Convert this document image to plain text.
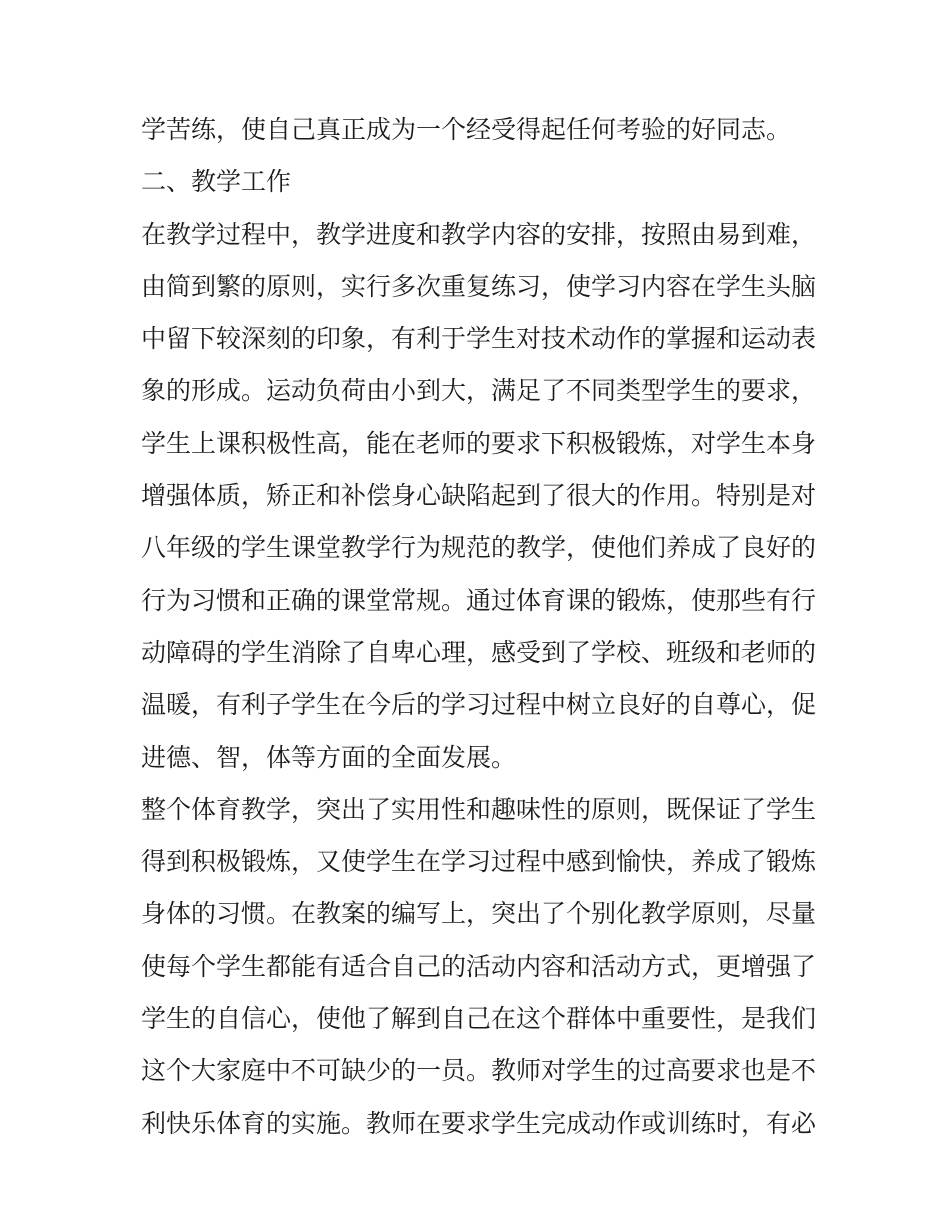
学苦练，使自己真正成为一个经受得起任何考验的好同志。
二、教学工作
在教学过程中，教学进度和教学内容的安排，按照由易到难，
由简到繁的原则，实行多次重复练习，使学习内容在学生头脑
中留下较深刻的印象，有利于学生对技术动作的掌握和运动表
象的形成。运动负荷由小到大，满足了不同类型学生的要求，
学生上课积极性高，能在老师的要求下积极锻炼，对学生本身
增强体质，矫正和补偿身心缺陷起到了很大的作用。特别是对
八年级的学生课堂教学行为规范的教学，使他们养成了良好的
行为习惯和正确的课堂常规。通过体育课的锻炼，使那些有行
动障碍的学生消除了自卑心理，感受到了学校、班级和老师的
温暖，有利子学生在今后的学习过程中树立良好的自尊心，促
进德、智，体等方面的全面发展。
整个体育教学，突出了实用性和趣味性的原则，既保证了学生
得到积极锻炼，又使学生在学习过程中感到愉快，养成了锻炼
身体的习惯。在教案的编写上，突出了个别化教学原则，尽量
使每个学生都能有适合自己的活动内容和活动方式，更增强了
学生的自信心，使他了解到自己在这个群体中重要性，是我们
这个大家庭中不可缺少的一员。教师对学生的过高要求也是不
利快乐体育的实施。教师在要求学生完成动作或训练时，有必
